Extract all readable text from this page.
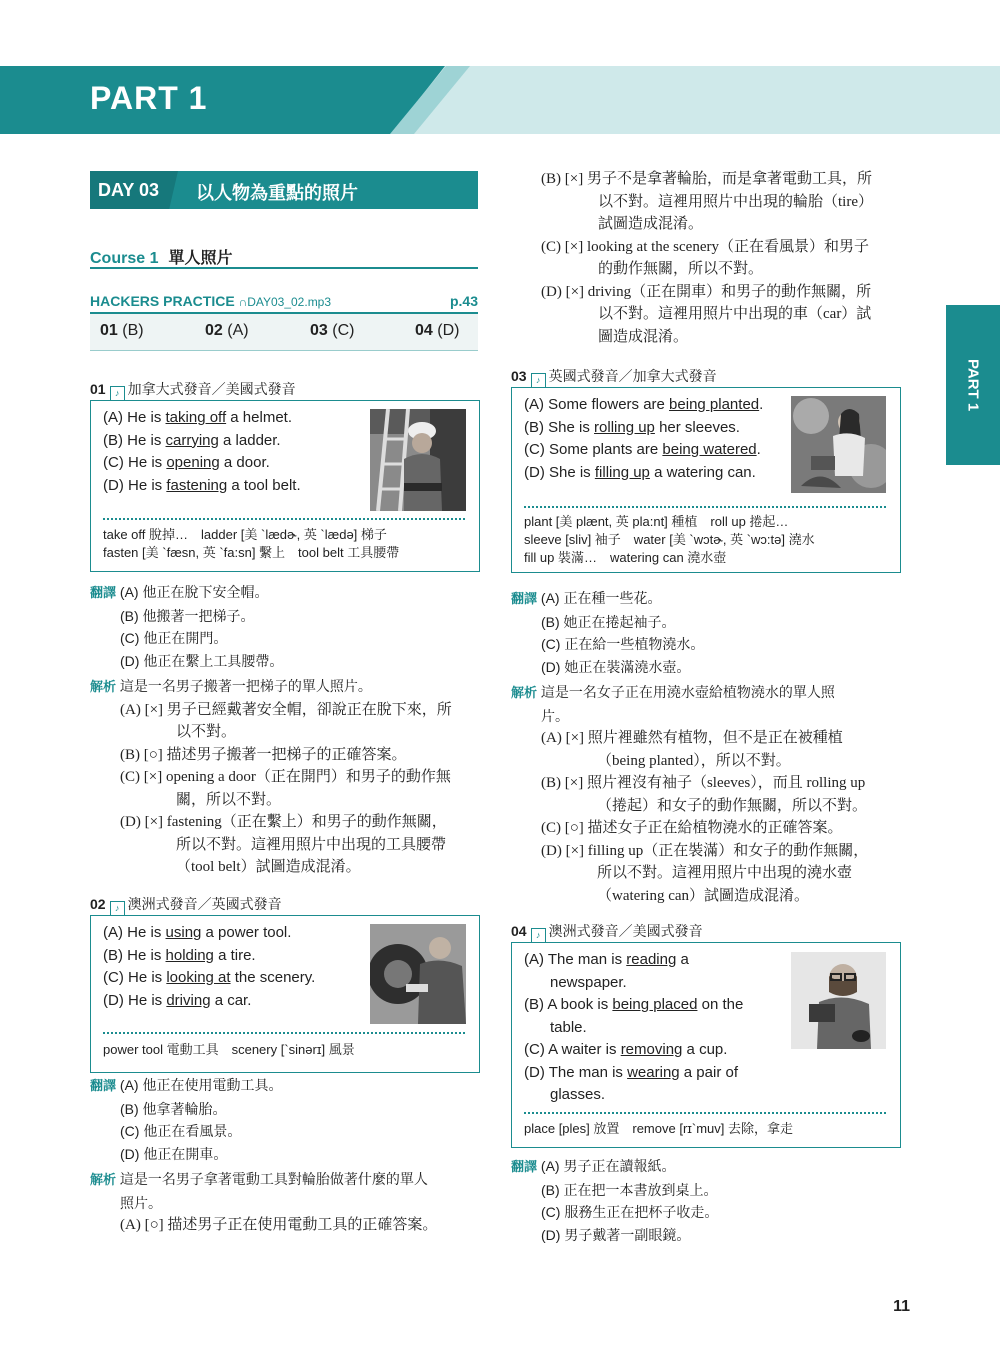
PART 1
PART 1
DAY 03 以人物為重點的照片
Course 1 單人照片
HACKERS PRACTICE ∩DAY03_02.mp3	p.43
01 (B)	02 (A)	03 (C)	04 (D)
01 ♪ 加拿大式發音／美國式發音
(A) He is taking off a helmet.
(B) He is carrying a ladder.
(C) He is opening a door.
(D) He is fastening a tool belt.
take off 脫掉…　ladder [美 `lædɚ, 英 `lædə] 梯子
fasten [美 `fæsn, 英 `fa:sn] 繫上　tool belt 工具腰帶
翻譯 (A) 他正在脫下安全帽。
(B) 他搬著一把梯子。
(C) 他正在開門。
(D) 他正在繫上工具腰帶。
解析 這是一名男子搬著一把梯子的單人照片。
(A) [×] 男子已經戴著安全帽，卻說正在脫下來，所
以不對。
(B) [○] 描述男子搬著一把梯子的正確答案。
(C) [×] opening a door（正在開門）和男子的動作無
關，所以不對。
(D) [×] fastening（正在繫上）和男子的動作無關，
所以不對。這裡用照片中出現的工具腰帶
（tool belt）試圖造成混淆。
02 ♪ 澳洲式發音／英國式發音
(A) He is using a power tool.
(B) He is holding a tire.
(C) He is looking at the scenery.
(D) He is driving a car.
power tool 電動工具　scenery [`sinərɪ] 風景
翻譯 (A) 他正在使用電動工具。
(B) 他拿著輪胎。
(C) 他正在看風景。
(D) 他正在開車。
解析 這是一名男子拿著電動工具對輪胎做著什麼的單人
照片。
(A) [○] 描述男子正在使用電動工具的正確答案。
(B) [×] 男子不是拿著輪胎，而是拿著電動工具，所
以不對。這裡用照片中出現的輪胎（tire）
試圖造成混淆。
(C) [×] looking at the scenery（正在看風景）和男子
的動作無關，所以不對。
(D) [×] driving（正在開車）和男子的動作無關，所
以不對。這裡用照片中出現的車（car）試
圖造成混淆。
03 ♪ 英國式發音／加拿大式發音
(A) Some flowers are being planted.
(B) She is rolling up her sleeves.
(C) Some plants are being watered.
(D) She is filling up a watering can.
plant [美 plænt, 英 pla:nt] 種植　roll up 捲起…
sleeve [sliv] 袖子　water [美 `wɔtɚ, 英 `wɔ:tə] 澆水
fill up 裝滿…　watering can 澆水壺
翻譯 (A) 正在種一些花。
(B) 她正在捲起袖子。
(C) 正在給一些植物澆水。
(D) 她正在裝滿澆水壺。
解析 這是一名女子正在用澆水壺給植物澆水的單人照
片。
(A) [×] 照片裡雖然有植物，但不是正在被種植
（being planted），所以不對。
(B) [×] 照片裡沒有袖子（sleeves），而且 rolling up
（捲起）和女子的動作無關，所以不對。
(C) [○] 描述女子正在給植物澆水的正確答案。
(D) [×] filling up（正在裝滿）和女子的動作無關，
所以不對。這裡用照片中出現的澆水壺
（watering can）試圖造成混淆。
04 ♪ 澳洲式發音／美國式發音
(A) The man is reading a
newspaper.
(B) A book is being placed on the
table.
(C) A waiter is removing a cup.
(D) The man is wearing a pair of
glasses.
place [ples] 放置　remove [rɪ`muv] 去除，拿走
翻譯 (A) 男子正在讀報紙。
(B) 正在把一本書放到桌上。
(C) 服務生正在把杯子收走。
(D) 男子戴著一副眼鏡。
11
